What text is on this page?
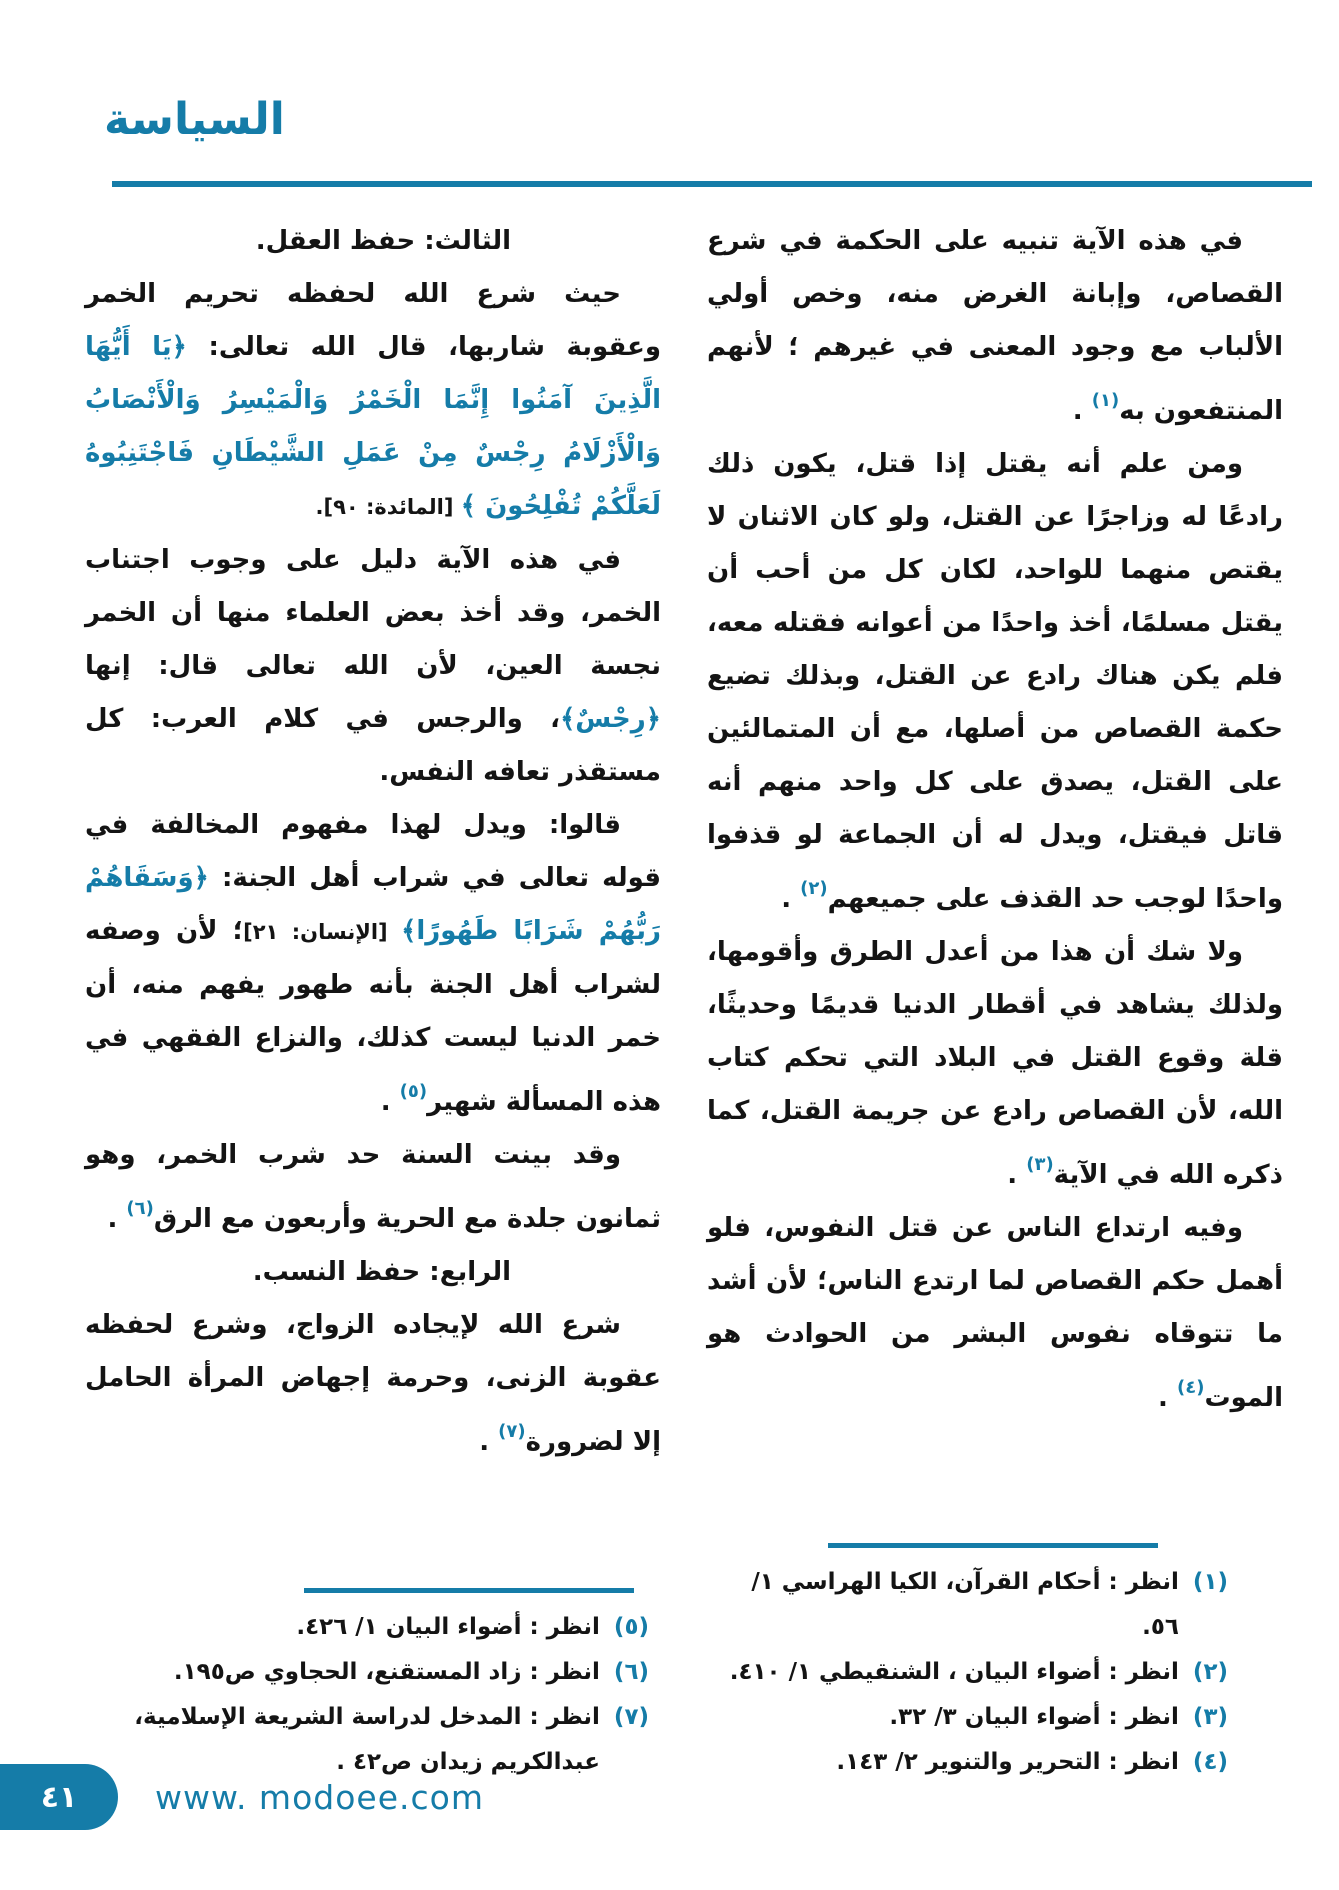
السياسة
في هذه الآية تنبيه على الحكمة في شرع القصاص، وإبانة الغرض منه، وخص أولي الألباب مع وجود المعنى في غيرهم ؛ لأنهم المنتفعون به$^{(١)}$ .
ومن علم أنه يقتل إذا قتل، يكون ذلك رادعًا له وزاجرًا عن القتل، ولو كان الاثنان لا يقتص منهما للواحد، لكان كل من أحب أن يقتل مسلمًا، أخذ واحدًا من أعوانه فقتله معه، فلم يكن هناك رادع عن القتل، وبذلك تضيع حكمة القصاص من أصلها، مع أن المتمالئين على القتل، يصدق على كل واحد منهم أنه قاتل فيقتل، ويدل له أن الجماعة لو قذفوا واحدًا لوجب حد القذف على جميعهم$^{(٢)}$ .
ولا شك أن هذا من أعدل الطرق وأقومها، ولذلك يشاهد في أقطار الدنيا قديمًا وحديثًا، قلة وقوع القتل في البلاد التي تحكم كتاب الله، لأن القصاص رادع عن جريمة القتل، كما ذكره الله في الآية$^{(٣)}$ .
وفيه ارتداع الناس عن قتل النفوس، فلو أهمل حكم القصاص لما ارتدع الناس؛ لأن أشد ما تتوقاه نفوس البشر من الحوادث هو الموت$^{(٤)}$ .
(١)
انظر : أحكام القرآن، الكيا الهراسي ١/ ٥٦.
(٢)
انظر : أضواء البيان ، الشنقيطي ١/ ٤١٠.
(٣)
انظر : أضواء البيان ٣/ ٣٢.
(٤)
انظر : التحرير والتنوير ٢/ ١٤٣.
الثالث: حفظ العقل.
حيث شرع الله لحفظه تحريم الخمر وعقوبة شاربها، قال الله تعالى: ﴿يَا أَيُّهَا الَّذِينَ آمَنُوا إِنَّمَا الْخَمْرُ وَالْمَيْسِرُ وَالْأَنْصَابُ وَالْأَزْلَامُ رِجْسٌ مِنْ عَمَلِ الشَّيْطَانِ فَاجْتَنِبُوهُ لَعَلَّكُمْ تُفْلِحُونَ ﴾ [المائدة: ٩٠].
في هذه الآية دليل على وجوب اجتناب الخمر، وقد أخذ بعض العلماء منها أن الخمر نجسة العين، لأن الله تعالى قال: إنها ﴿رِجْسٌ﴾، والرجس في كلام العرب: كل مستقذر تعافه النفس.
قالوا: ويدل لهذا مفهوم المخالفة في قوله تعالى في شراب أهل الجنة: ﴿وَسَقَاهُمْ رَبُّهُمْ شَرَابًا طَهُورًا﴾ [الإنسان: ٢١]؛ لأن وصفه لشراب أهل الجنة بأنه طهور يفهم منه، أن خمر الدنيا ليست كذلك، والنزاع الفقهي في هذه المسألة شهير$^{(٥)}$ .
وقد بينت السنة حد شرب الخمر، وهو ثمانون جلدة مع الحرية وأربعون مع الرق$^{(٦)}$ .
الرابع: حفظ النسب.
شرع الله لإيجاده الزواج، وشرع لحفظه عقوبة الزنى، وحرمة إجهاض المرأة الحامل إلا لضرورة$^{(٧)}$ .
(٥)
انظر : أضواء البيان ١/ ٤٢٦.
(٦)
انظر : زاد المستقنع، الحجاوي ص١٩٥.
(٧)
انظر : المدخل لدراسة الشريعة الإسلامية، عبدالكريم زيدان ص٤٢ .
٤١ www. modoee.com
